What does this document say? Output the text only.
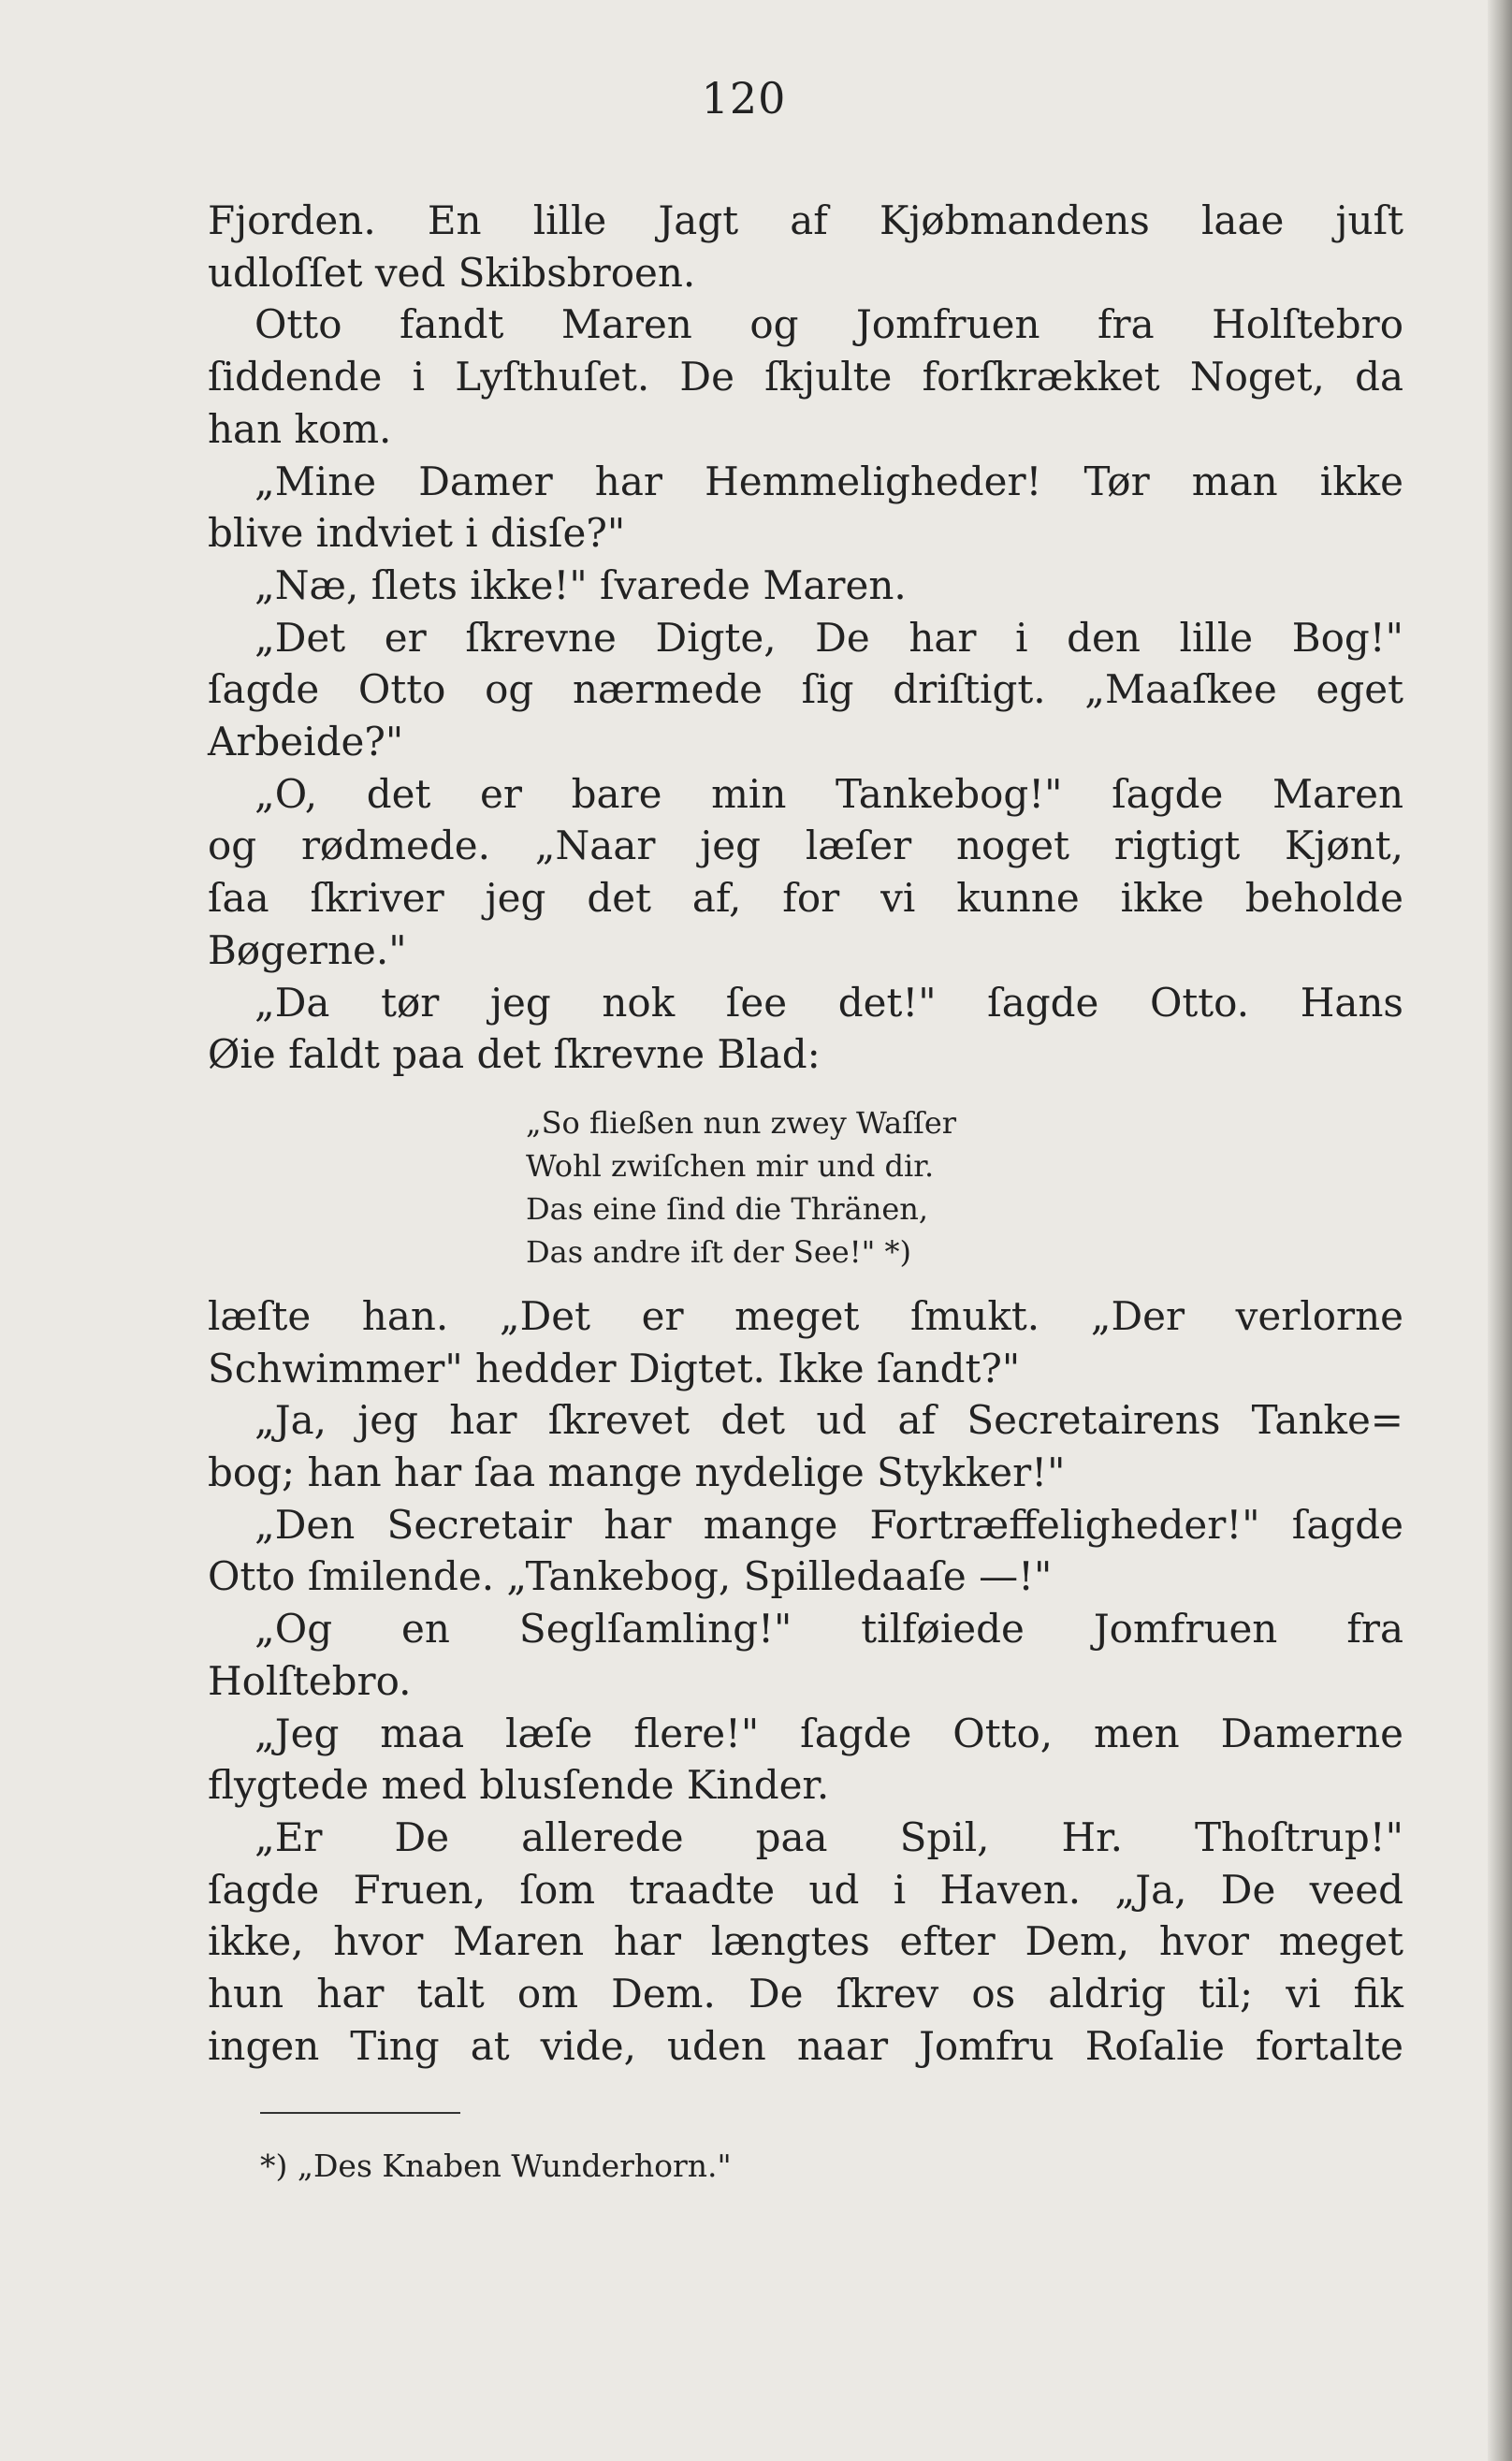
120

Fjorden. En lille Jagt af Kjøbmandens laae juſt

udloſſet ved Skibsbroen.

Otto fandt Maren og Jomfruen fra Holſtebro

ſiddende i Lyſthuſet. De ſkjulte forſkrækket Noget, da

han kom.

„Mine Damer har Hemmeligheder! Tør man ikke

blive indviet i disſe?"

„Næ, ſlets ikke!" ſvarede Maren.

„Det er ſkrevne Digte, De har i den lille Bog!"

ſagde Otto og nærmede ſig driſtigt. „Maaſkee eget

Arbeide?"

„O, det er bare min Tankebog!" ſagde Maren

og rødmede. „Naar jeg læſer noget rigtigt Kjønt,

ſaa ſkriver jeg det af, for vi kunne ikke beholde

Bøgerne."

„Da tør jeg nok ſee det!" ſagde Otto. Hans

Øie faldt paa det ſkrevne Blad:

„So fließen nun zwey Waſſer
Wohl zwiſchen mir und dir.
Das eine ſind die Thränen,
Das andre iſt der See!" *)

læſte han. „Det er meget ſmukt. „Der verlorne

Schwimmer" hedder Digtet. Ikke ſandt?"

„Ja, jeg har ſkrevet det ud af Secretairens Tanke=

bog; han har ſaa mange nydelige Stykker!"

„Den Secretair har mange Fortræffeligheder!" ſagde

Otto ſmilende. „Tankebog, Spilledaaſe —!"

„Og en Seglſamling!" tilføiede Jomfruen fra

Holſtebro.

„Jeg maa læſe flere!" ſagde Otto, men Damerne

flygtede med blusſende Kinder.

„Er De allerede paa Spil, Hr. Thoſtrup!"

ſagde Fruen, ſom traadte ud i Haven. „Ja, De veed

ikke, hvor Maren har længtes efter Dem, hvor meget

hun har talt om Dem. De ſkrev os aldrig til; vi fik

ingen Ting at vide, uden naar Jomfru Roſalie fortalte

*) „Des Knaben Wunderhorn."
